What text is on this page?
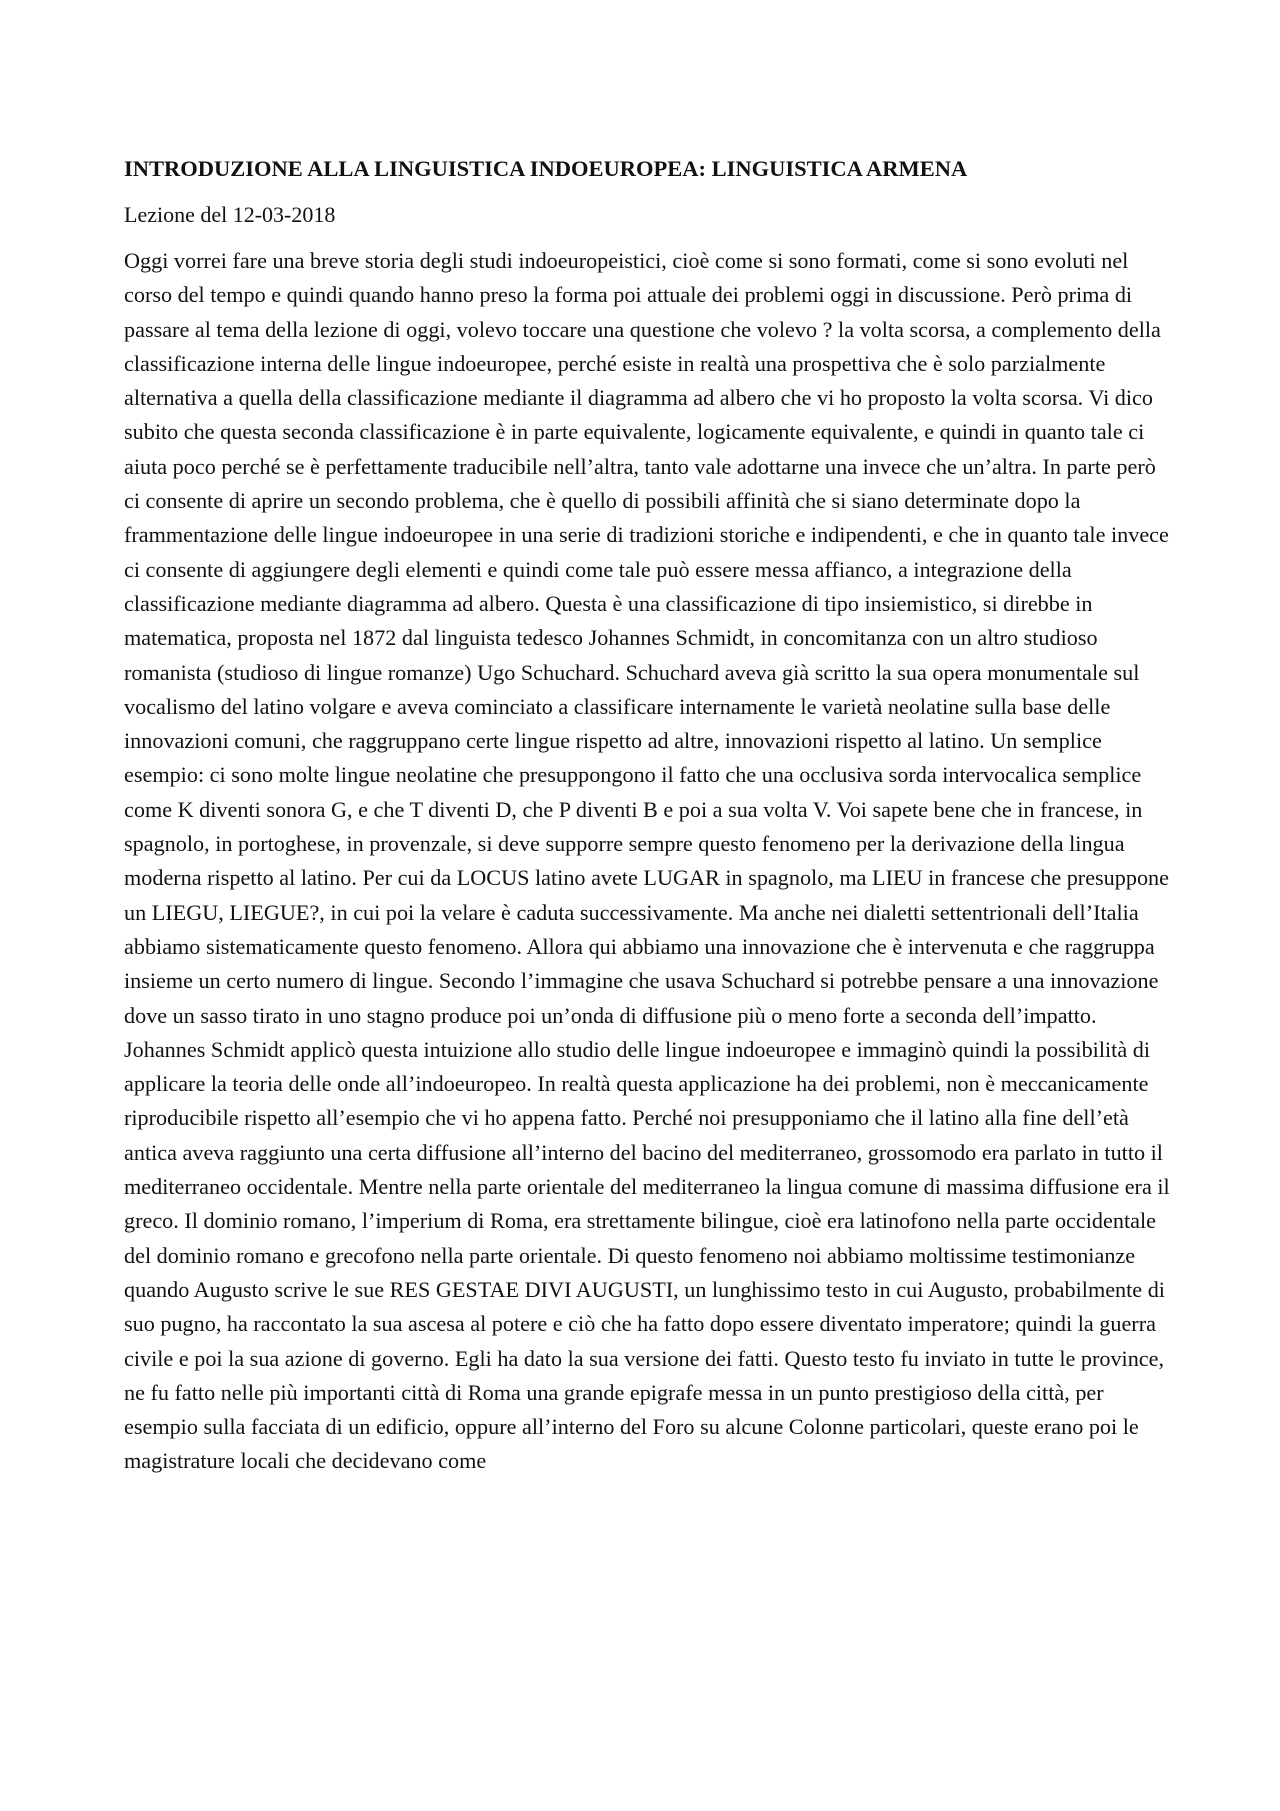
INTRODUZIONE ALLA LINGUISTICA INDOEUROPEA: LINGUISTICA ARMENA

Lezione del 12-03-2018

Oggi vorrei fare una breve storia degli studi indoeuropeistici, cioè come si sono formati, come si sono evoluti nel corso del tempo e quindi quando hanno preso la forma poi attuale dei problemi oggi in discussione. Però prima di passare al tema della lezione di oggi, volevo toccare una questione che volevo ? la volta scorsa, a complemento della classificazione interna delle lingue indoeuropee, perché esiste in realtà una prospettiva che è solo parzialmente alternativa a quella della classificazione mediante il diagramma ad albero che vi ho proposto la volta scorsa. Vi dico subito che questa seconda classificazione è in parte equivalente, logicamente equivalente, e quindi in quanto tale ci aiuta poco perché se è perfettamente traducibile nell’altra, tanto vale adottarne una invece che un’altra. In parte però ci consente di aprire un secondo problema, che è quello di possibili affinità che si siano determinate dopo la frammentazione delle lingue indoeuropee in una serie di tradizioni storiche e indipendenti, e che in quanto tale invece ci consente di aggiungere degli elementi e quindi come tale può essere messa affianco, a integrazione della classificazione mediante diagramma ad albero. Questa è una classificazione di tipo insiemistico, si direbbe in matematica, proposta nel 1872 dal linguista tedesco Johannes Schmidt, in concomitanza con un altro studioso romanista (studioso di lingue romanze) Ugo Schuchard. Schuchard aveva già scritto la sua opera monumentale sul vocalismo del latino volgare e aveva cominciato a classificare internamente le varietà neolatine sulla base delle innovazioni comuni, che raggruppano certe lingue rispetto ad altre, innovazioni rispetto al latino. Un semplice esempio: ci sono molte lingue neolatine che presuppongono il fatto che una occlusiva sorda intervocalica semplice come K diventi sonora G, e che T diventi D, che P diventi B e poi a sua volta V. Voi sapete bene che in francese, in spagnolo, in portoghese, in provenzale, si deve supporre sempre questo fenomeno per la derivazione della lingua moderna rispetto al latino. Per cui da LOCUS latino avete LUGAR in spagnolo, ma LIEU in francese che presuppone un LIEGU, LIEGUE?, in cui poi la velare è caduta successivamente. Ma anche nei dialetti settentrionali dell’Italia abbiamo sistematicamente questo fenomeno. Allora qui abbiamo una innovazione che è intervenuta e che raggruppa insieme un certo numero di lingue. Secondo l’immagine che usava Schuchard si potrebbe pensare a una innovazione dove un sasso tirato in uno stagno produce poi un’onda di diffusione più o meno forte a seconda dell’impatto. Johannes Schmidt applicò questa intuizione allo studio delle lingue indoeuropee e immaginò quindi la possibilità di applicare la teoria delle onde all’indoeuropeo. In realtà questa applicazione ha dei problemi, non è meccanicamente riproducibile rispetto all’esempio che vi ho appena fatto. Perché noi presupponiamo che il latino alla fine dell’età antica aveva raggiunto una certa diffusione all’interno del bacino del mediterraneo, grossomodo era parlato in tutto il mediterraneo occidentale. Mentre nella parte orientale del mediterraneo la lingua comune di massima diffusione era il greco. Il dominio romano, l’imperium di Roma, era strettamente bilingue, cioè era latinofono nella parte occidentale del dominio romano e grecofono nella parte orientale. Di questo fenomeno noi abbiamo moltissime testimonianze quando Augusto scrive le sue RES GESTAE DIVI AUGUSTI, un lunghissimo testo in cui Augusto, probabilmente di suo pugno, ha raccontato la sua ascesa al potere e ciò che ha fatto dopo essere diventato imperatore; quindi la guerra civile e poi la sua azione di governo. Egli ha dato la sua versione dei fatti. Questo testo fu inviato in tutte le province, ne fu fatto nelle più importanti città di Roma una grande epigrafe messa in un punto prestigioso della città, per esempio sulla facciata di un edificio, oppure all’interno del Foro su alcune Colonne particolari, queste erano poi le magistrature locali che decidevano come
